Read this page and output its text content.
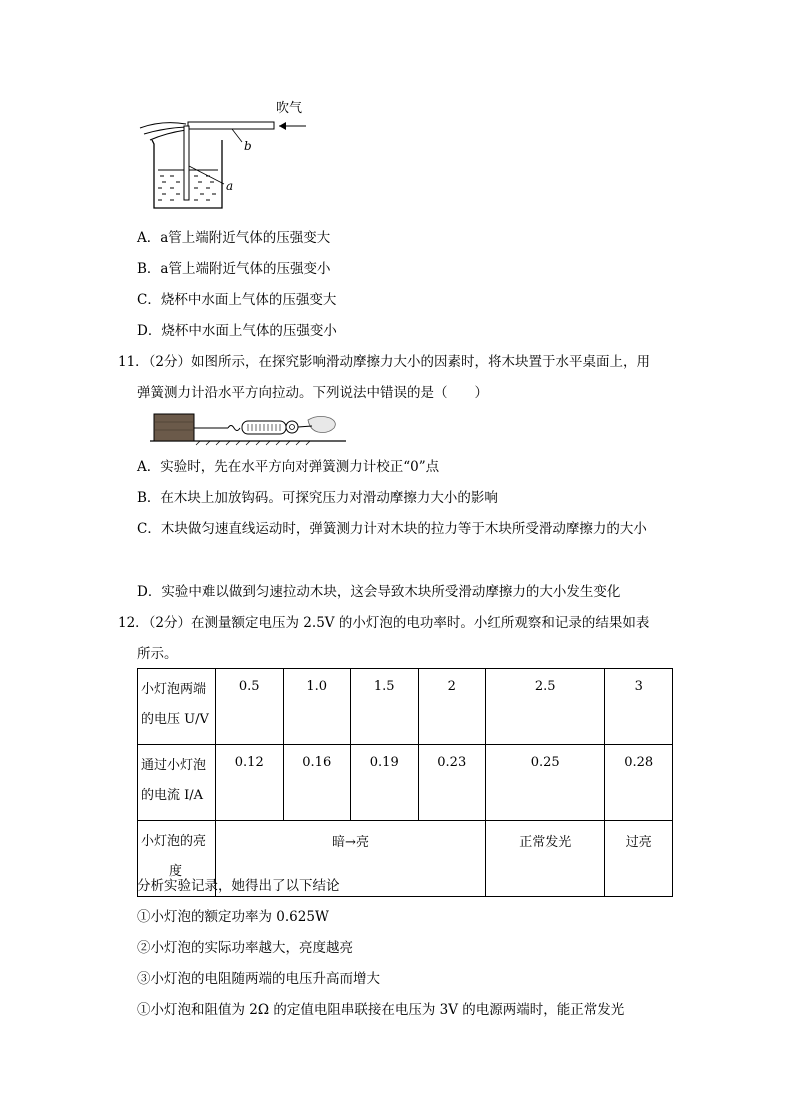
吹气
b
a
A．a管上端附近气体的压强变大
B．a管上端附近气体的压强变小
C．烧杯中水面上气体的压强变大
D．烧杯中水面上气体的压强变小
11．（2分）如图所示，在探究影响滑动摩擦力大小的因素时，将木块置于水平桌面上，用
弹簧测力计沿水平方向拉动。下列说法中错误的是（　　）
A．实验时，先在水平方向对弹簧测力计校正“0”点
B．在木块上加放钩码。可探究压力对滑动摩擦力大小的影响
C．木块做匀速直线运动时，弹簧测力计对木块的拉力等于木块所受滑动摩擦力的大小
D．实验中难以做到匀速拉动木块，这会导致木块所受滑动摩擦力的大小发生变化
12．（2分）在测量额定电压为 2.5V 的小灯泡的电功率时。小红所观察和记录的结果如表
所示。
小灯泡两端
的电压 U/V	0.5	1.0	1.5	2	2.5	3

通过小灯泡
的电流 I/A	0.12	0.16	0.19	0.23	0.25	0.28

小灯泡的亮
度	暗→亮				正常发光	过亮
分析实验记录，她得出了以下结论
①小灯泡的额定功率为 0.625W
②小灯泡的实际功率越大，亮度越亮
③小灯泡的电阻随两端的电压升高而增大
①小灯泡和阻值为 2Ω 的定值电阻串联接在电压为 3V 的电源两端时，能正常发光
